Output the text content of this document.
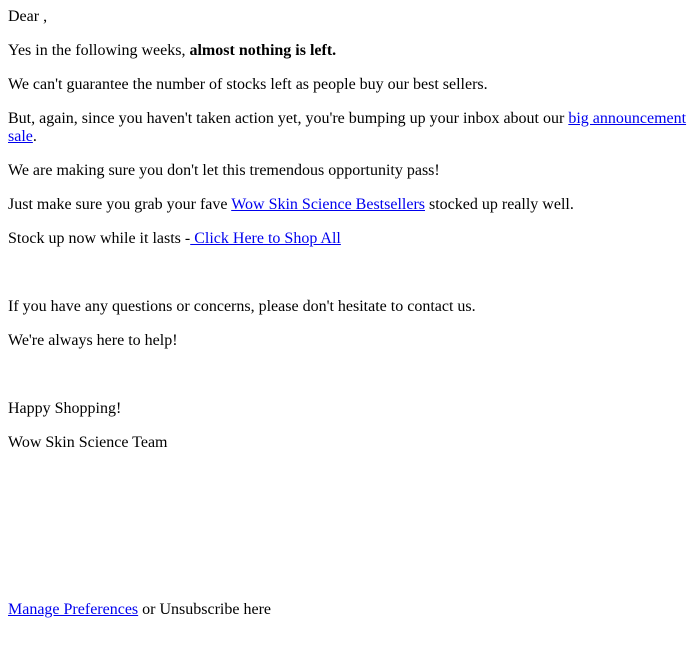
Dear ,

Yes in the following weeks, almost nothing is left.

We can't guarantee the number of stocks left as people buy our best sellers.

But, again, since you haven't taken action yet, you're bumping up your inbox about our big announcement sale.

We are making sure you don't let this tremendous opportunity pass!

Just make sure you grab your fave Wow Skin Science Bestsellers stocked up really well.

Stock up now while it lasts - Click Here to Shop All

If you have any questions or concerns, please don't hesitate to contact us.

We're always here to help!

Happy Shopping!

Wow Skin Science Team

Manage Preferences or Unsubscribe here
